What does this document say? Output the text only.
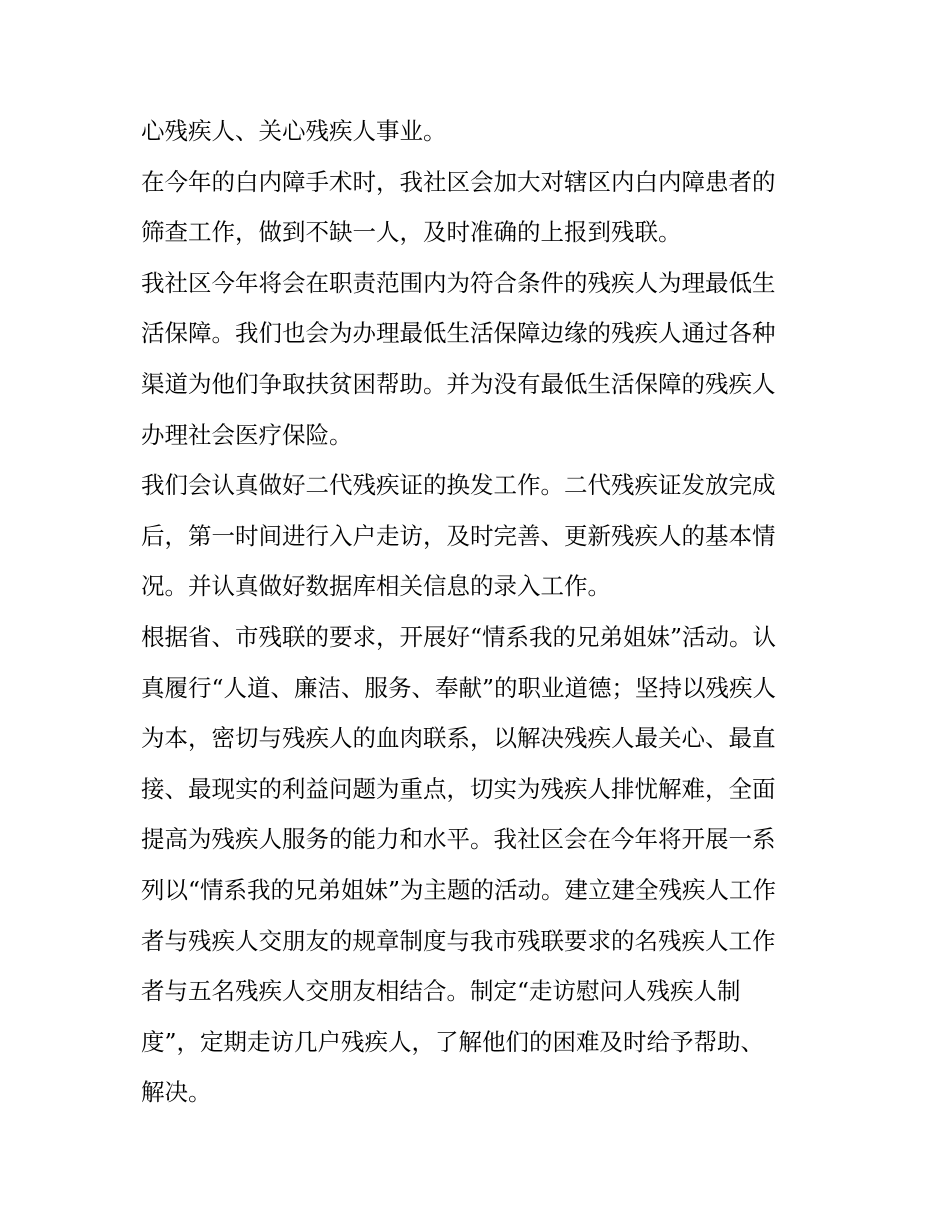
心残疾人、关心残疾人事业。
在今年的白内障手术时，我社区会加大对辖区内白内障患者的
筛查工作，做到不缺一人，及时准确的上报到残联。
我社区今年将会在职责范围内为符合条件的残疾人为理最低生
活保障。我们也会为办理最低生活保障边缘的残疾人通过各种
渠道为他们争取扶贫困帮助。并为没有最低生活保障的残疾人
办理社会医疗保险。
我们会认真做好二代残疾证的换发工作。二代残疾证发放完成
后，第一时间进行入户走访，及时完善、更新残疾人的基本情
况。并认真做好数据库相关信息的录入工作。
根据省、市残联的要求，开展好“情系我的兄弟姐妹”活动。认
真履行“人道、廉洁、服务、奉献”的职业道德；坚持以残疾人
为本，密切与残疾人的血肉联系，以解决残疾人最关心、最直
接、最现实的利益问题为重点，切实为残疾人排忧解难，全面
提高为残疾人服务的能力和水平。我社区会在今年将开展一系
列以“情系我的兄弟姐妹”为主题的活动。建立建全残疾人工作
者与残疾人交朋友的规章制度与我市残联要求的名残疾人工作
者与五名残疾人交朋友相结合。制定“走访慰问人残疾人制
度”，定期走访几户残疾人，了解他们的困难及时给予帮助、
解决。
